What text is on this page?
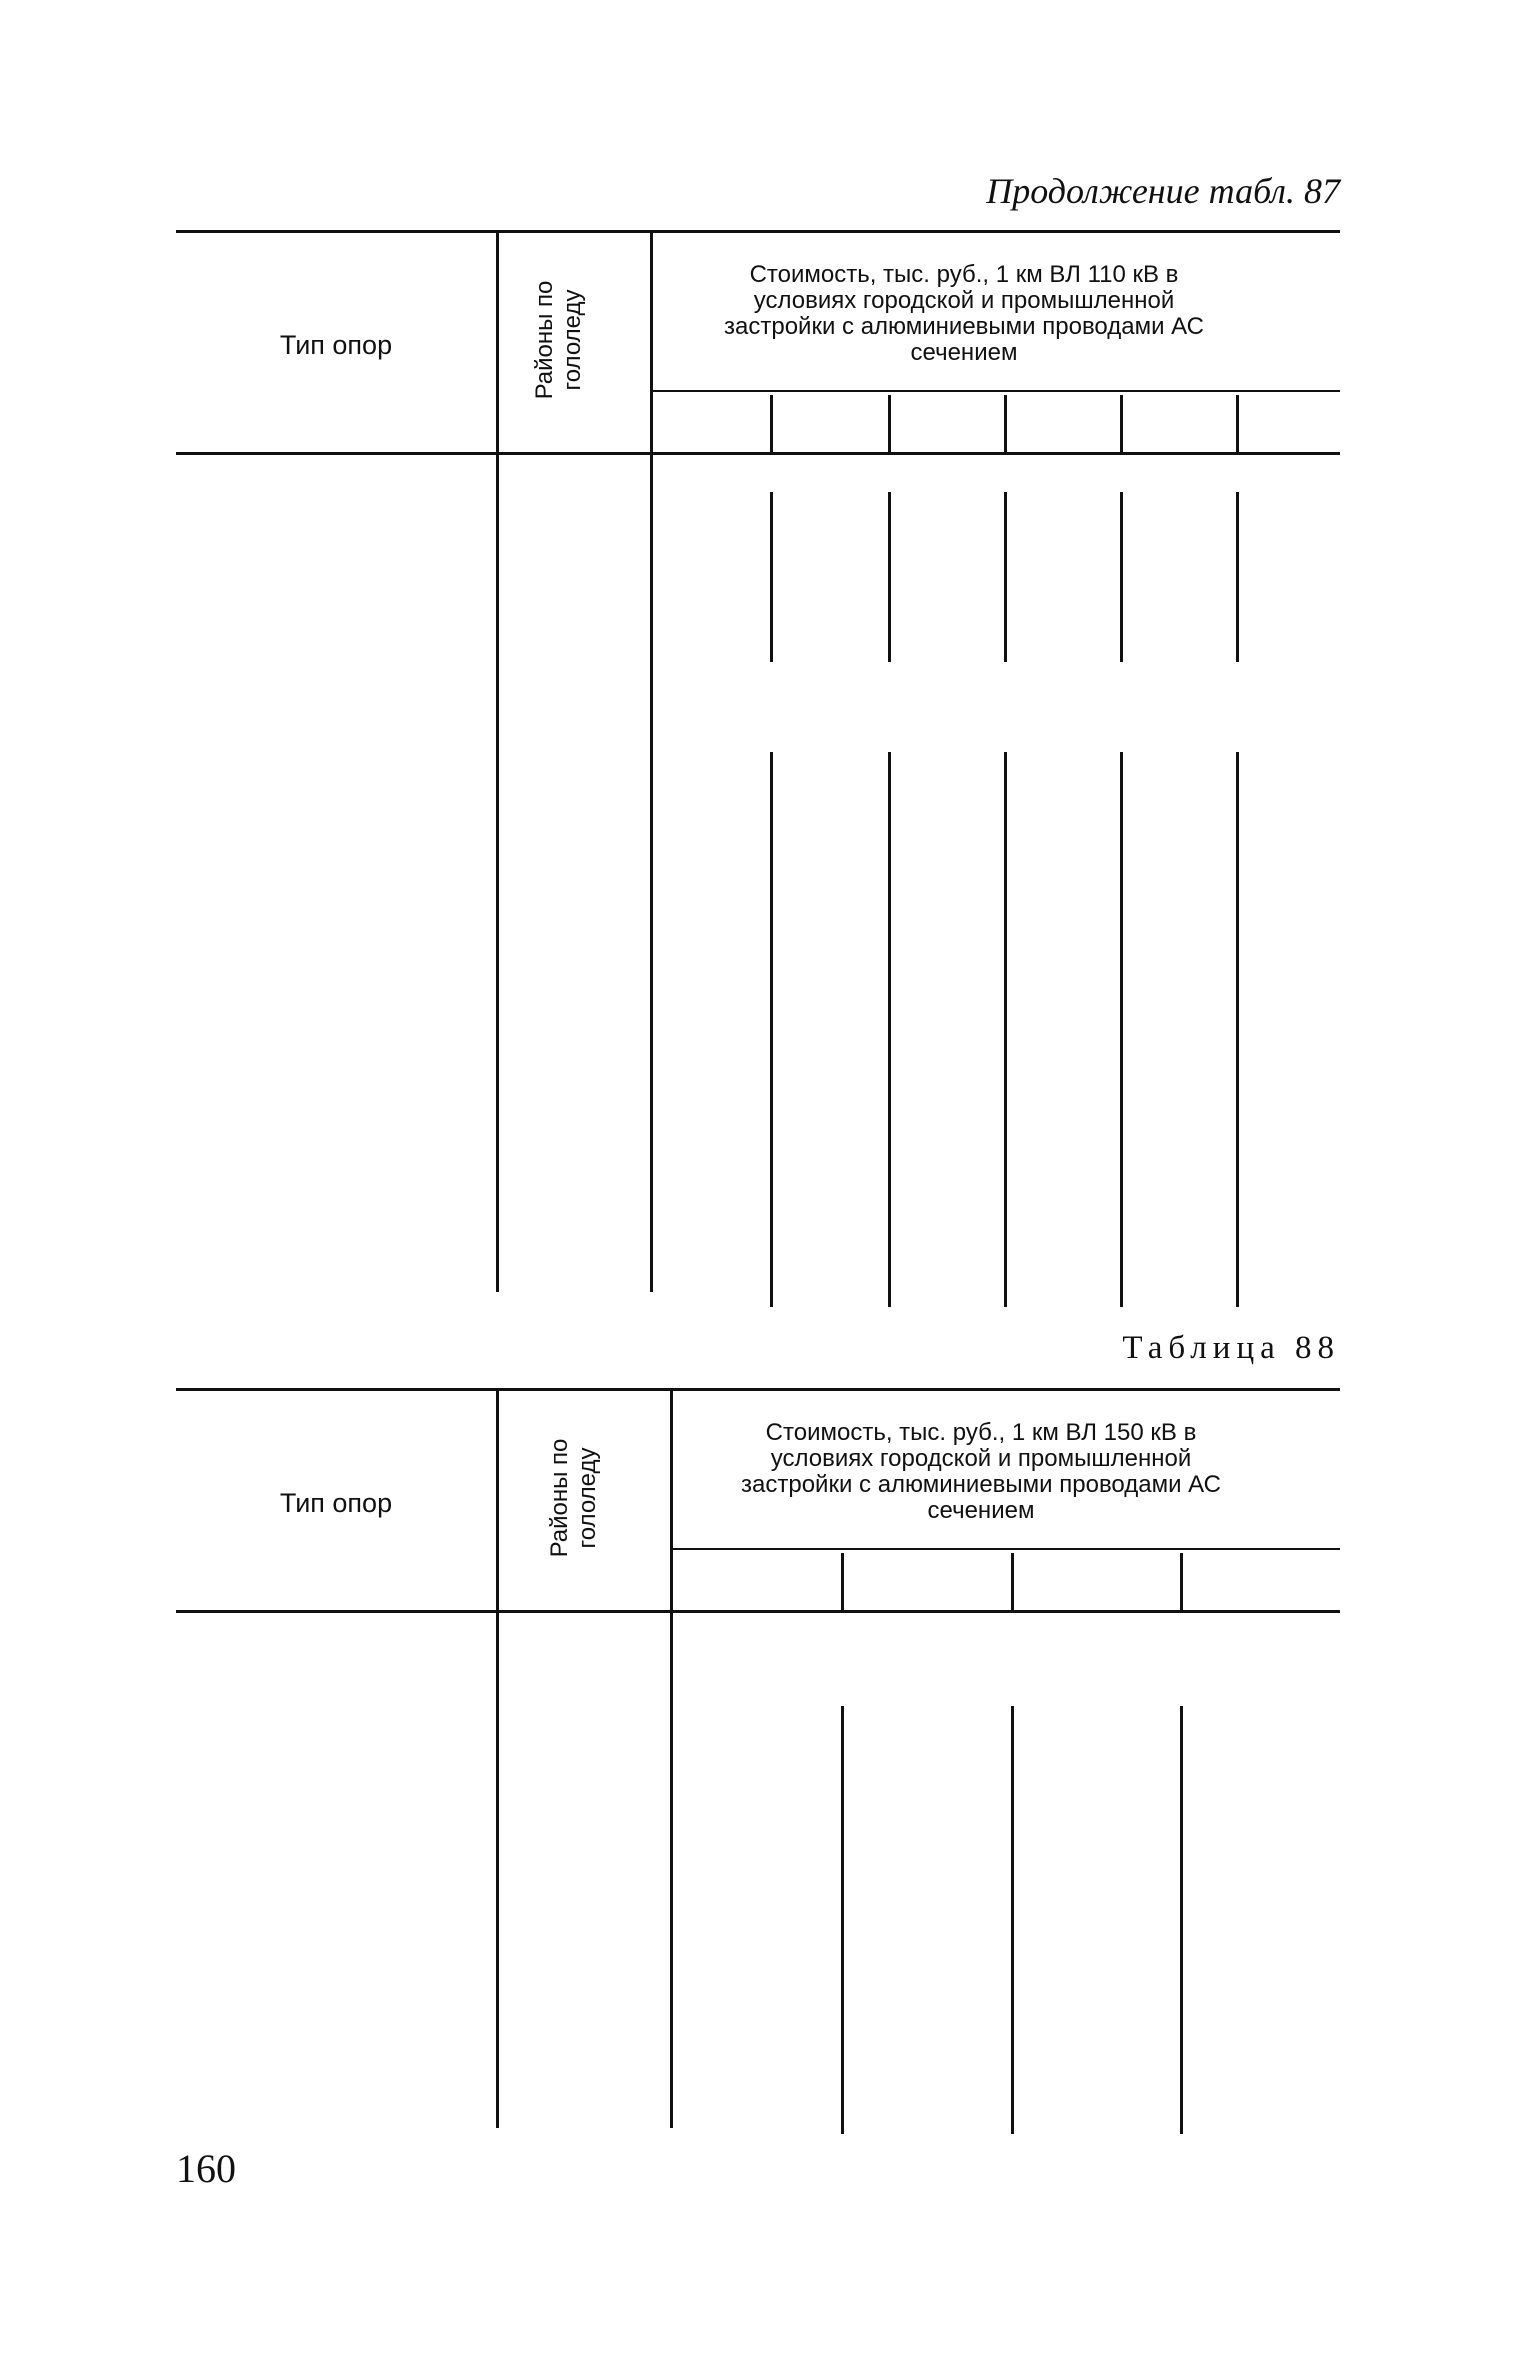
Продолжение табл. 87
Тип опор	Районы по гололеду
Стоимость, тыс. руб., 1 км ВЛ 110 кВ в условиях городской и промышленной застройки с алюминиевыми проводами АС сечением
Таблица 88
Тип опор	Районы по гололеду
Стоимость, тыс. руб., 1 км ВЛ 150 кВ в условиях городской и промышленной застройки с алюминиевыми проводами АС сечением
160
